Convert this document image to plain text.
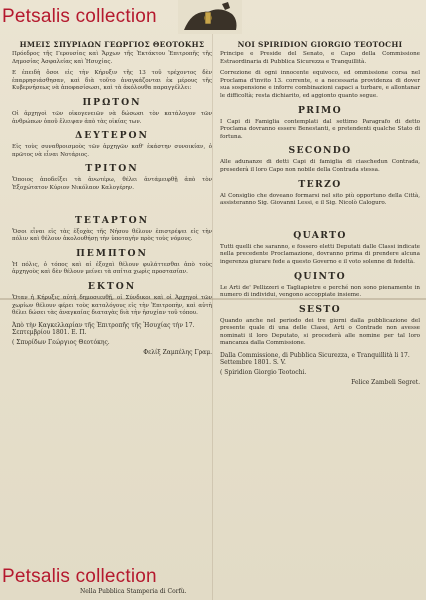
Petsalis collection
Petsalis collection
ΗΜΕΙΣ ΣΠΥΡΙΔΩΝ ΓΕΩΡΓΙΟΣ ΘΕΟΤΟΚΗΣ

Πρόεδρος τῆς Γερουσίας καὶ Ἄρχων τῆς Ἐκτάκτου Ἐπιτροπῆς τῆς Δημοσίας Ἀσφαλείας καὶ Ἡσυχίας.

Ε ἐπειδὴ ὅσοι εἰς τὴν Κήρυξιν τῆς 13 τοῦ τρέχοντος δὲν ἐπαρρησιάσθησαν, καὶ διὰ τοῦτο ἀναγκάζονται ἐκ μέρους τῆς Κυβερνήσεως νὰ ἀποφασίσωσι, καὶ τὰ ἀκόλουθα παραγγέλλει:

ΠΡΩΤΟΝ

Οἱ ἀρχηγοὶ τῶν οἰκογενειῶν νὰ δώσωσι τὸν κατάλογον τῶν ἀνθρώπων ὁποῦ ἔλειψαν ἀπὸ τὰς οἰκίας των.

ΔΕΥΤΕΡΟΝ

Εἰς τοὺς συναθροισμοὺς τῶν ἀρχηγῶν καθ' ἑκάστην συνοικίαν, ὁ πρῶτος νὰ εἶναι Νοτάριος.

ΤΡΙΤΟΝ

Ὅποιος ἀποδείξει τὰ ἀνωτέρω, θέλει ἀντάμειφθῇ ἀπὸ τὸν Ἐξοχώτατον Κύριον Νικόλαον Καλογέρην.

ΤΕΤΑΡΤΟΝ

Ὅσοι εἶναι εἰς τὰς ἐξοχὰς τῆς Νήσου θέλουν ἐπιστρέψει εἰς τὴν πόλιν καὶ θέλουν ἀκολουθήσῃ τὴν ὑποταγὴν πρὸς τοὺς νόμους.

ΠΕΜΠΤΟΝ

Ἡ πόλις, ὁ τόπος καὶ αἱ ἐξοχαὶ θέλουν φυλάττεσθαι ἀπὸ τοὺς ἀρχηγοὺς καὶ δὲν θέλουν μείνει τὰ σπίτια χωρὶς προστασίαν.

ΕΚΤΟΝ

Ὅταν ἡ Κήρυξις αὐτὴ δημοσιευθῇ, οἱ Σύνδικοι καὶ οἱ Ἀρχηγοὶ τῶν χωρίων θέλουν φέρει τοὺς καταλόγους εἰς τὴν Ἐπιτροπὴν, καὶ αὐτὴ θέλει δώσει τὰς ἀναγκαίας διαταγὰς διὰ τὴν ἡσυχίαν τοῦ τόπου.

Ἀπὸ τὴν Καγκελλαρίαν τῆς Ἐπιτροπῆς τῆς Ἡσυχίας τὴν 17. Σεπτεμβρίου 1801. Ε. Π.

( Σπυρίδων Γεώργιος Θεοτόκης.
Φελίξ Ζαμπέλης Γραμ.
NOI SPIRIDION GIORGIO TEOTOCHI

Principe e Preside del Senato, e Capo della Commissione Estraordinaria di Pubblica Sicurezza e Tranquillità.

Correzione di ogni innocente equivoco, ed ommissione corsa nel Proclama d'invito 13. corrente, e a necessaria providenza di dover sua sospensione e inforre combinazioni capaci a turbare, e allontanar le difficoltà; resta dichiarito, ed aggionto quanto segue.

PRIMO

I Capi di Famiglia contemplati dal settimo Paragrafo di detto Proclama dovranno essere Benestanti, e pretendenti qualche Stato di fortuna.

SECONDO

Alle adunanze di detti Capi di famiglia di ciaschedun Contrada, presederà il loro Capo non nobile della Contrada stessa.

TERZO

Al Consiglio che doveano formarsi nel sito più opportuno della Città, assisteranno Sig. Giovanni Lessi, e il Sig. Nicolò Caloguro.

QUARTO

Tutti quelli che saranno, e fossero eletti Deputati dalle Classi indicate nella precedente Proclamazione, dovranno prima di prendere alcuna ingerenza giurare fede a questo Governo e il voto solenne di fedeltà.

QUINTO

Le Arti de' Pellizzeri e Tagliapietre e perché non sono pienamente in numero di individui, vengono accoppiate insieme.

SESTO

Quando anche nel periodo dei tre giorni dalla pubblicazione del presente quale di una delle Classi, Arti o Contrade non avesse nominati il loro Deputato, si procederà alle nomine per tal loro mancanza dalla Commissione.

Dalla Commissione, di Pubblica Sicurezza, e Tranquillità li 17. Settembre 1801. S. V.

( Spiridion Giorgio Teotochi.
Felice Zambeli Segret.
Nella Pubblica Stamperia di Corfù.
